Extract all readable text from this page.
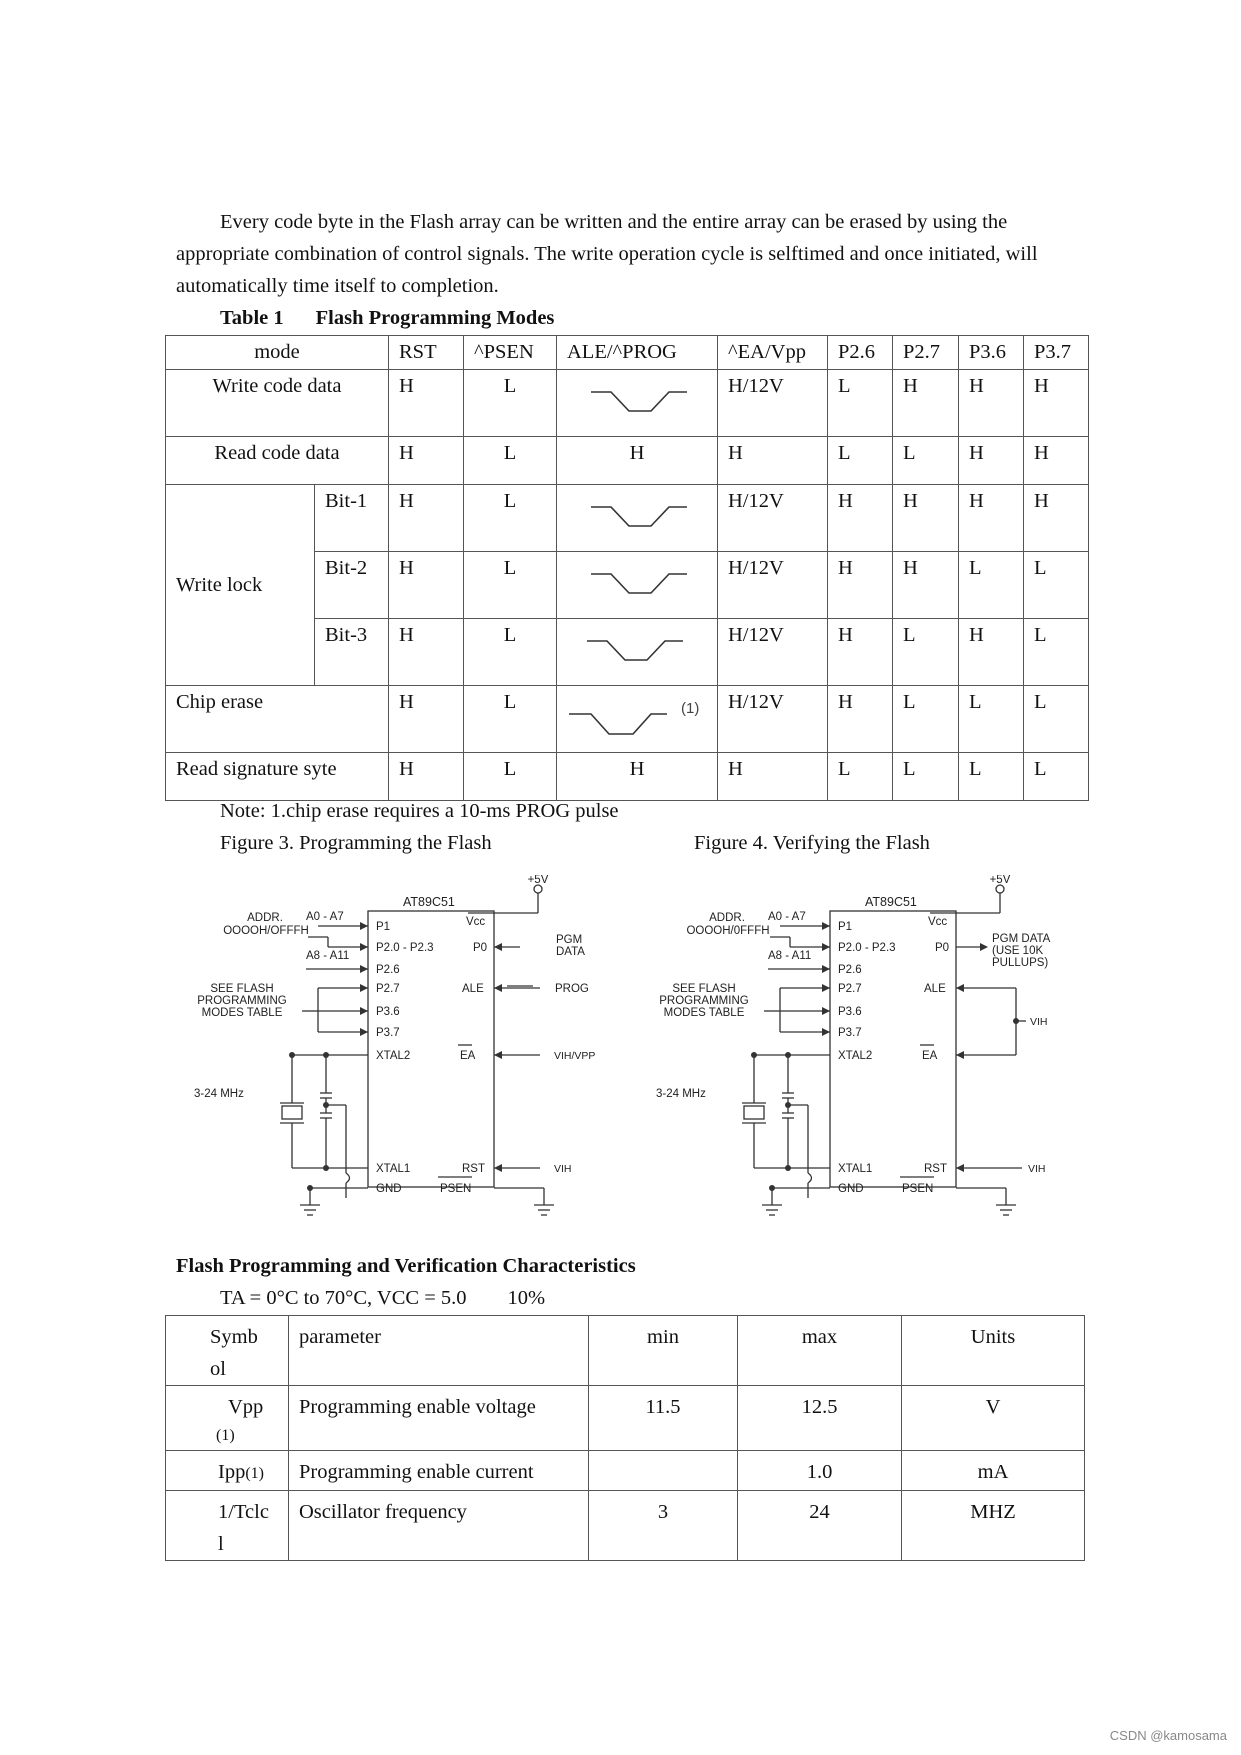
Every code byte in the Flash array can be written and the entire array can be erased by using the appropriate combination of control signals. The write operation cycle is selftimed and once initiated, will automatically time itself to completion.
Table 1 Flash Programming Modes
mode		RST	^PSEN	ALE/^PROG	^EA/Vpp	P2.6	P2.7	P3.6	P3.7

Write code data		H	L		H/12V	L	H	H	H

Read code data		H	L	H	H	L	L	H	H

Write lock	Bit-1	H	L		H/12V	H	H	H	H

	Bit-2	H	L		H/12V	H	H	L	L

	Bit-3	H	L		H/12V	H	L	H	L

Chip erase		H	L	(1)	H/12V	H	L	L	L

Read signature syte		H	L	H	H	L	L	L	L
Note: 1.chip erase requires a 10-ms PROG pulse
Figure 3. Programming the Flash	Figure 4. Verifying the Flash
+5V
AT89C51
ADDR.
OOOOH/OFFFH
A0 - A7
A8 - A11
SEE FLASH
PROGRAMMING
MODES TABLE
3-24 MHz
P1
P2.0 - P2.3
P2.6
P2.7
P3.6
P3.7
XTAL2
XTAL1
GND
Vcc
P0
ALE
EA
RST
PSEN
PGM
DATA
PROG
VIH/VPP
VIH
+5V
AT89C51
ADDR.
OOOOH/0FFFH
A0 - A7
A8 - A11
SEE FLASH
PROGRAMMING
MODES TABLE
3-24 MHz
P1
P2.0 - P2.3
P2.6
P2.7
P3.6
P3.7
XTAL2
XTAL1
GND
Vcc
P0
ALE
EA
RST
PSEN
PGM DATA
(USE 10K
PULLUPS)
VIH
VIH
Flash Programming and Verification Characteristics
TA = 0°C to 70°C, VCC = 5.0        10%
Symb ol	parameter	min	max	Units

Vpp
(1)	Programming enable voltage	11.5	12.5	V
Ipp(1)	Programming enable current		1.0	mA

1/Tclc l	Oscillator frequency	3	24	MHZ
CSDN @kamosama
